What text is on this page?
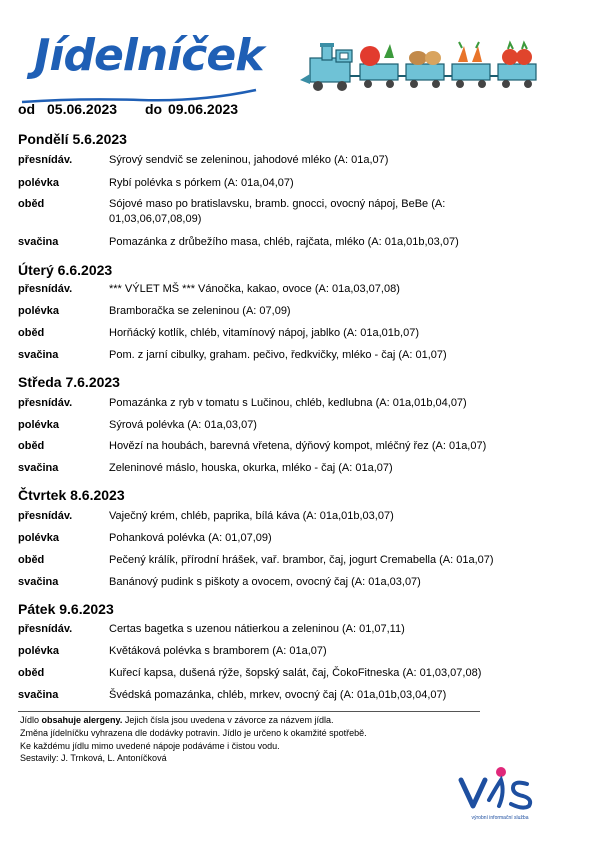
Jídelníček
od 05.06.2023 do 09.06.2023
Pondělí 5.6.2023
přesnídáv.	Sýrový sendvič se zeleninou, jahodové mléko (A: 01a,07)
polévka	Rybí polévka s pórkem (A: 01a,04,07)
oběd	Sójové maso po bratislavsku, bramb. gnocci, ovocný nápoj, BeBe (A: 01,03,06,07,08,09)
svačina	Pomazánka z drůbežího masa, chléb, rajčata, mléko (A: 01a,01b,03,07)
Úterý 6.6.2023
přesnídáv.	*** VÝLET MŠ *** Vánočka, kakao, ovoce (A: 01a,03,07,08)
polévka	Bramboračka se zeleninou (A: 07,09)
oběd	Horňácký kotlík, chléb, vitamínový nápoj, jablko (A: 01a,01b,07)
svačina	Pom. z jarní cibulky, graham. pečivo, ředkvičky, mléko - čaj (A: 01,07)
Středa 7.6.2023
přesnídáv.	Pomazánka z ryb v tomatu s Lučinou, chléb, kedlubna (A: 01a,01b,04,07)
polévka	Sýrová polévka (A: 01a,03,07)
oběd	Hovězí na houbách, barevná vřetena, dýňový kompot, mléčný řez (A: 01a,07)
svačina	Zeleninové máslo, houska, okurka, mléko - čaj (A: 01a,07)
Čtvrtek 8.6.2023
přesnídáv.	Vaječný krém, chléb, paprika, bílá káva (A: 01a,01b,03,07)
polévka	Pohanková polévka (A: 01,07,09)
oběd	Pečený králík, přírodní hrášek, vař. brambor, čaj, jogurt Cremabella (A: 01a,07)
svačina	Banánový pudink s piškoty a ovocem, ovocný čaj (A: 01a,03,07)
Pátek 9.6.2023
přesnídáv.	Certas bagetka s uzenou nátierkou a zeleninou (A: 01,07,11)
polévka	Květáková polévka s bramborem (A: 01a,07)
oběd	Kuřecí kapsa, dušená rýže, šopský salát, čaj, ČokoFitneska (A: 01,03,07,08)
svačina	Švédská pomazánka, chléb, mrkev, ovocný čaj (A: 01a,01b,03,04,07)
Jídlo obsahuje alergeny. Jejich čísla jsou uvedena v závorce za názvem jídla.
Změna jídelníčku vyhrazena dle dodávky potravin. Jídlo je určeno k okamžité spotřebě.
Ke každému jídlu mimo uvedené nápoje podáváme i čistou vodu.
Sestavily: J. Trnková, L. Antoníčková
výrobní informační služba
